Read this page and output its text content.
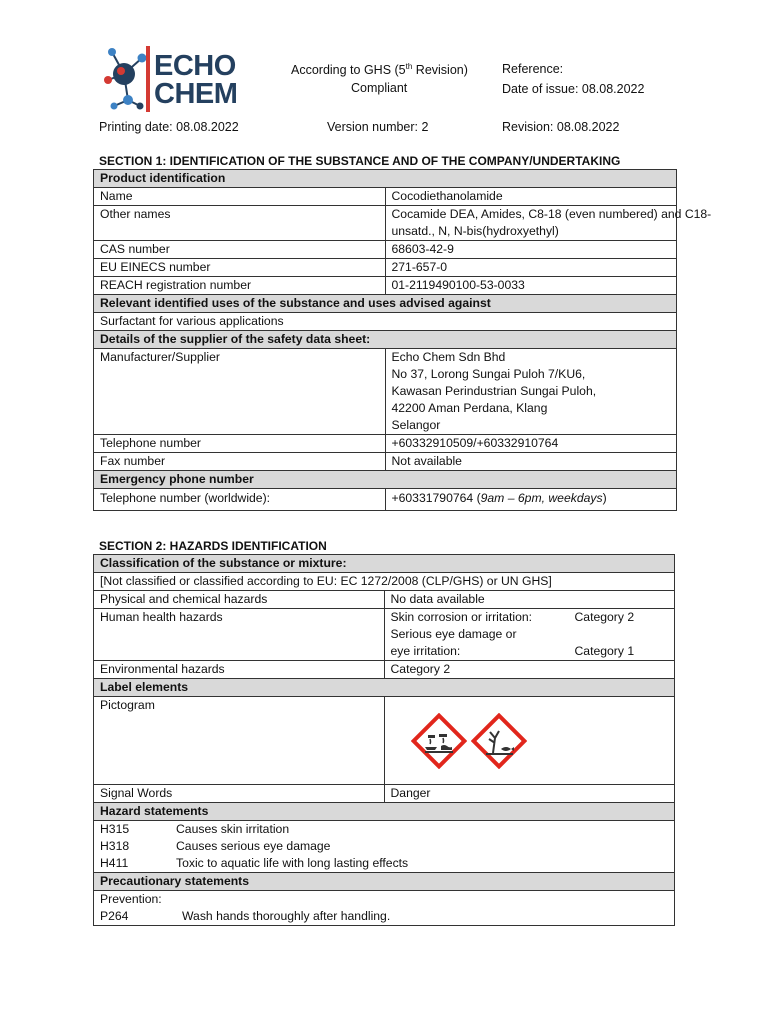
ECHO
CHEM
According to GHS (5th Revision)
Compliant
Reference:
Date of issue: 08.08.2022
Printing date: 08.08.2022	Version number: 2	Revision: 08.08.2022
SECTION 1: IDENTIFICATION OF THE SUBSTANCE AND OF THE COMPANY/UNDERTAKING
Product identification	
Name	Cocodiethanolamide
Other names	Cocamide DEA, Amides, C8-18 (even numbered) and C18-
unsatd., N, N-bis(hydroxyethyl)

CAS number	68603-42-9
EU EINECS number	271-657-0
REACH registration number	01-2119490100-53-0033
Relevant identified uses of the substance and uses advised against	
Surfactant for various applications	
Details of the supplier of the safety data sheet:	
Manufacturer/Supplier	Echo Chem Sdn Bhd
No 37, Lorong Sungai Puloh 7/KU6,
Kawasan Perindustrian Sungai Puloh,
42200 Aman Perdana, Klang
Selangor

Telephone number	+60332910509/+60332910764
Fax number	Not available
Emergency phone number	
Telephone number (worldwide):	+60331790764 (9am – 6pm, weekdays)
SECTION 2: HAZARDS IDENTIFICATION
Classification of the substance or mixture:	
[Not classified or classified according to EU: EC 1272/2008 (CLP/GHS) or UN GHS]	
Physical and chemical hazards	No data available
Human health hazards	Skin corrosion or irritation: Category 2
Serious eye damage or
eye irritation: Category 1

Environmental hazards	Category 2
Label elements	
Pictogram	

Signal Words	Danger
Hazard statements	

H315 Causes skin irritation
H318 Causes serious eye damage
H411 Toxic to aquatic life with long lasting effects	

Precautionary statements	

Prevention:
P264 Wash hands thoroughly after handling.	
